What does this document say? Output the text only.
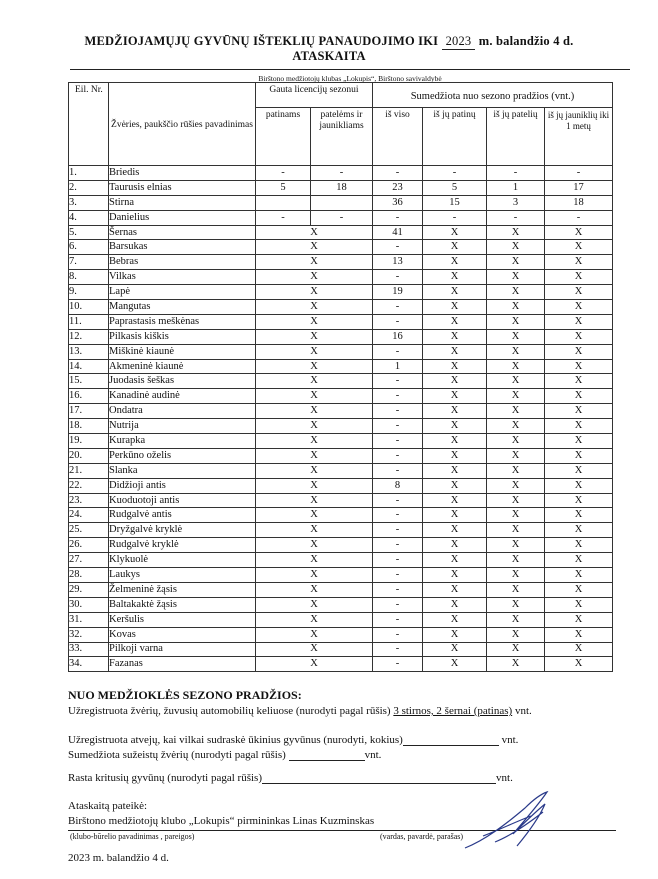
MEDŽIOJAMŲJŲ GYVŪNŲ IŠTEKLIŲ PANAUDOJIMO IKI 2023 m. balandžio 4 d.
ATASKAITA
Birštono medžiotojų klubas „Lokupis“, Birštono savivaldybė
Eil. Nr.	Žvėries, paukščio rūšies pavadinimas	Gauta licencijų sezonui		Sumedžiota nuo sezono pradžios (vnt.)			
		patinams	patelėms ir jaunikliams	iš viso	iš jų patinų	iš jų patelių	iš jų jauniklių iki 1 metų
1.	Briedis	-	-	-	-	-	-
2.	Taurusis elnias	5	18	23	5	1	17
3.	Stirna			36	15	3	18
4.	Danielius	-	-	-	-	-	-
5.	Šernas	X		41	X	X	X
6.	Barsukas	X		-	X	X	X
7.	Bebras	X		13	X	X	X
8.	Vilkas	X		-	X	X	X
9.	Lapė	X		19	X	X	X
10.	Mangutas	X		-	X	X	X
11.	Paprastasis meškėnas	X		-	X	X	X
12.	Pilkasis kiškis	X		16	X	X	X
13.	Miškinė kiaunė	X		-	X	X	X
14.	Akmeninė kiaunė	X		1	X	X	X
15.	Juodasis šeškas	X		-	X	X	X
16.	Kanadinė audinė	X		-	X	X	X
17.	Ondatra	X		-	X	X	X
18.	Nutrija	X		-	X	X	X
19.	Kurapka	X		-	X	X	X
20.	Perkūno oželis	X		-	X	X	X
21.	Slanka	X		-	X	X	X
22.	Didžioji antis	X		8	X	X	X
23.	Kuoduotoji antis	X		-	X	X	X
24.	Rudgalvė antis	X		-	X	X	X
25.	Dryžgalvė kryklė	X		-	X	X	X
26.	Rudgalvė kryklė	X		-	X	X	X
27.	Klykuolė	X		-	X	X	X
28.	Laukys	X		-	X	X	X
29.	Želmeninė žąsis	X		-	X	X	X
30.	Baltakaktė žąsis	X		-	X	X	X
31.	Keršulis	X		-	X	X	X
32.	Kovas	X		-	X	X	X
33.	Pilkoji varna	X		-	X	X	X
34.	Fazanas	X		-	X	X	X
NUO MEDŽIOKLĖS SEZONO PRADŽIOS:
Užregistruota žvėrių, žuvusių automobilių keliuose (nurodyti pagal rūšis) 3 stirnos, 2 šernai (patinas) vnt.
Užregistruota atvejų, kai vilkai sudraskė ūkinius gyvūnus (nurodyti, kokius)	vnt.
Sumedžiota sužeistų žvėrių (nurodyti pagal rūšis)	vnt.
Rasta kritusių gyvūnų (nurodyti pagal rūšis)	vnt.
Ataskaitą pateikė:
Birštono medžiotojų klubo „Lokupis“ pirmininkas Linas Kuzminskas
(klubo-būrelio pavadinimas , pareigos)	(vardas, pavardė, parašas)
2023 m. balandžio 4 d.
